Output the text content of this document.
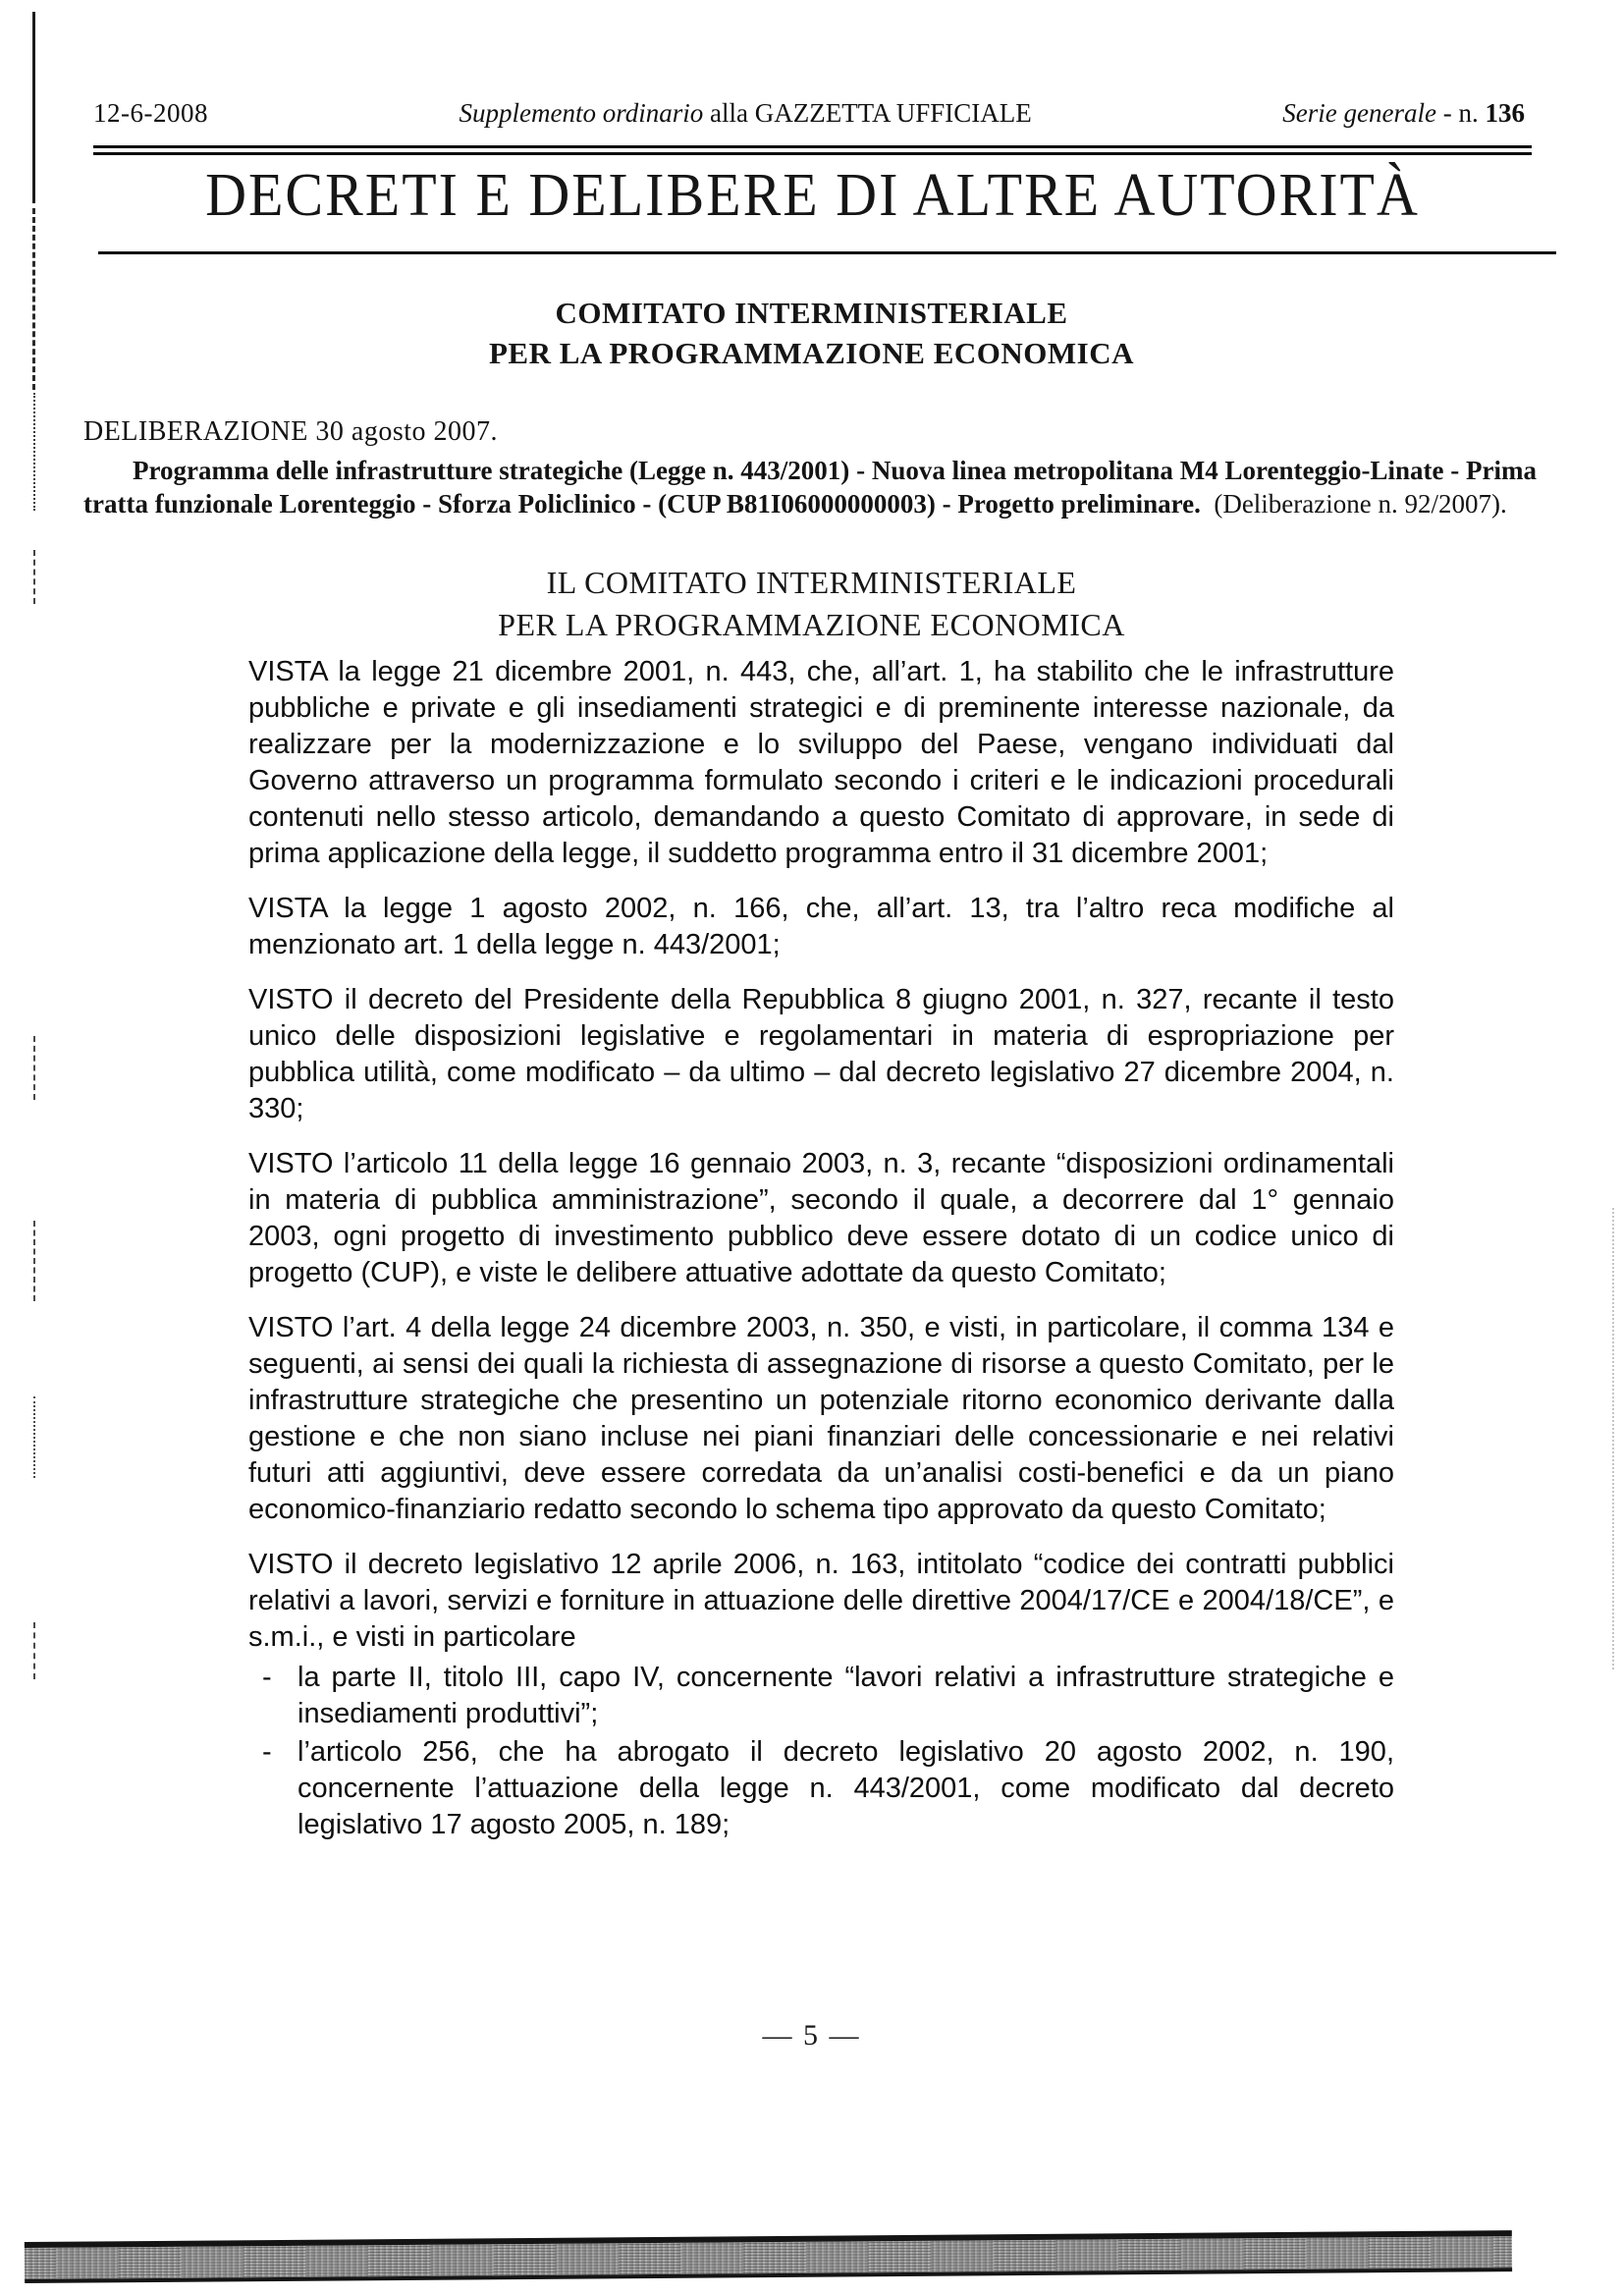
12-6-2008	Supplemento ordinario alla GAZZETTA UFFICIALE	Serie generale - n. 136
DECRETI E DELIBERE DI ALTRE AUTORITÀ
COMITATO INTERMINISTERIALE
PER LA PROGRAMMAZIONE ECONOMICA
DELIBERAZIONE 30 agosto 2007.

Programma delle infrastrutture strategiche (Legge n. 443/2001) - Nuova linea metropolitana M4 Lorenteggio-Linate - Prima tratta funzionale Lorenteggio - Sforza Policlinico - (CUP B81I06000000003) - Progetto preliminare. (Deliberazione n. 92/2007).

IL COMITATO INTERMINISTERIALE
PER LA PROGRAMMAZIONE ECONOMICA

VISTA la legge 21 dicembre 2001, n. 443, che, all’art. 1, ha stabilito che le infrastrutture pubbliche e private e gli insediamenti strategici e di preminente interesse nazionale, da realizzare per la modernizzazione e lo sviluppo del Paese, vengano individuati dal Governo attraverso un programma formulato secondo i criteri e le indicazioni procedurali contenuti nello stesso articolo, demandando a questo Comitato di approvare, in sede di prima applicazione della legge, il suddetto programma entro il 31 dicembre 2001;

VISTA la legge 1 agosto 2002, n. 166, che, all’art. 13, tra l’altro reca modifiche al menzionato art. 1 della legge n. 443/2001;

VISTO il decreto del Presidente della Repubblica 8 giugno 2001, n. 327, recante il testo unico delle disposizioni legislative e regolamentari in materia di espropriazione per pubblica utilità, come modificato – da ultimo – dal decreto legislativo 27 dicembre 2004, n. 330;

VISTO l’articolo 11 della legge 16 gennaio 2003, n. 3, recante “disposizioni ordinamentali in materia di pubblica amministrazione”, secondo il quale, a decorrere dal 1° gennaio 2003, ogni progetto di investimento pubblico deve essere dotato di un codice unico di progetto (CUP), e viste le delibere attuative adottate da questo Comitato;

VISTO l’art. 4 della legge 24 dicembre 2003, n. 350, e visti, in particolare, il comma 134 e seguenti, ai sensi dei quali la richiesta di assegnazione di risorse a questo Comitato, per le infrastrutture strategiche che presentino un potenziale ritorno economico derivante dalla gestione e che non siano incluse nei piani finanziari delle concessionarie e nei relativi futuri atti aggiuntivi, deve essere corredata da un’analisi costi-benefici e da un piano economico-finanziario redatto secondo lo schema tipo approvato da questo Comitato;

VISTO il decreto legislativo 12 aprile 2006, n. 163, intitolato “codice dei contratti pubblici relativi a lavori, servizi e forniture in attuazione delle direttive 2004/17/CE e 2004/18/CE”, e s.m.i., e visti in particolare

- la parte II, titolo III, capo IV, concernente “lavori relativi a infrastrutture strategiche e insediamenti produttivi”;
- l’articolo 256, che ha abrogato il decreto legislativo 20 agosto 2002, n. 190, concernente l’attuazione della legge n. 443/2001, come modificato dal decreto legislativo 17 agosto 2005, n. 189;
— 5 —
